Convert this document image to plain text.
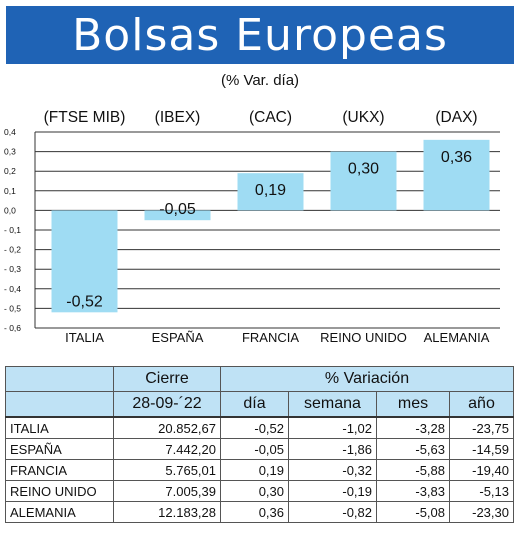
Bolsas Europeas
(% Var. día)
0,4
0,3
0,2
0,1
0,0
- 0,1
- 0,2
- 0,3
- 0,4
- 0,5
- 0,6
-0,52
(FTSE MIB)
ITALIA
-0,05
(IBEX)
ESPAÑA
0,19
(CAC)
FRANCIA
0,30
(UKX)
REINO UNIDO
0,36
(DAX)
ALEMANIA
	Cierre	% Variación			
	28-09-´22	día	semana	mes	año
ITALIA	20.852,67	-0,52	-1,02	-3,28	-23,75
ESPAÑA	7.442,20	-0,05	-1,86	-5,63	-14,59
FRANCIA	5.765,01	0,19	-0,32	-5,88	-19,40
REINO UNIDO	7.005,39	0,30	-0,19	-3,83	-5,13
ALEMANIA	12.183,28	0,36	-0,82	-5,08	-23,30
